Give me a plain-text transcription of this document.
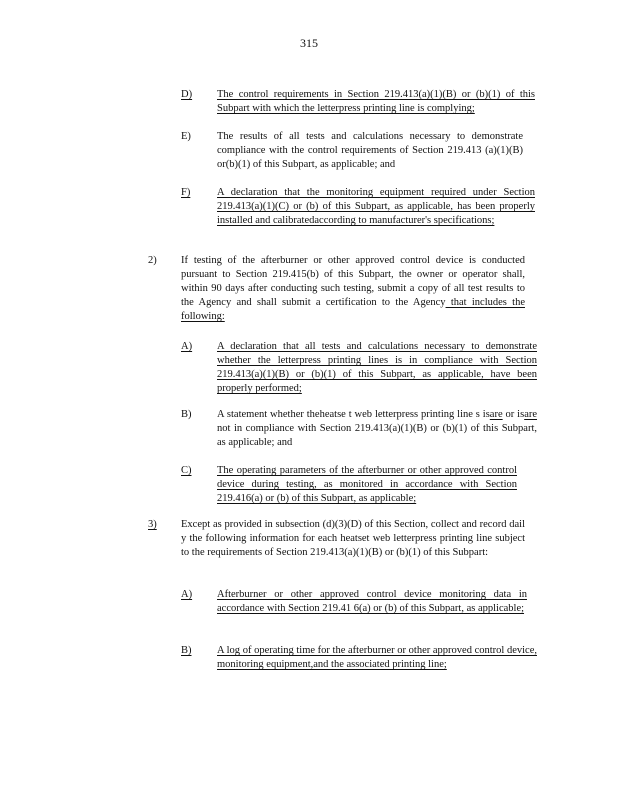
315
D) The control requirements in Section 219.413(a)(1)(B) or (b)(1) of this Subpart with which the letterpress printing line is complying;
E) The results of all tests and calculations necessary to demonstrate compliance with the control requirements of Section 219.413 (a)(1)(B) or(b)(1) of this Subpart, as applicable; and
F)	A declaration that the monitoring equipment required under Section 219.413(a)(1)(C) or (b) of this Subpart, as applicable, has been properly installed and calibratedaccording to manufacturer's specifications;
2) If testing of the afterburner or other approved control device is conducted pursuant to Section 219.415(b) of this Subpart, the owner or operator shall, within 90 days after conducting such testing, submit a copy of all test results to the Agency and shall submit a certification to the Agency that includes the following:
A) A declaration that all tests and calculations necessary to demonstrate whether the letterpress printing lines is in compliance with Section 219.413(a)(1)(B) or (b)(1) of this Subpart, as applicable, have been properly performed;
B) A statement whether theheatse t web letterpress printing line s isare or isare not in compliance with Section 219.413(a)(1)(B) or (b)(1) of this Subpart, as applicable; and
C) The operating parameters of the afterburner or other approved control device during testing, as monitored in accordance with Section 219.416(a) or (b) of this Subpart, as applicable;
3) Except as provided in subsection (d)(3)(D) of this Section, collect and record dail y the following information for each heatset web letterpress printing line subject to the requirements of Section 219.413(a)(1)(B) or (b)(1) of this Subpart:
A) Afterburner or other approved control device monitoring data in accordance with Section 219.41 6(a) or (b) of this Subpart, as applicable;
B) A log of operating time for the afterburner or other approved control device, monitoring equipment,and the associated printing line;
